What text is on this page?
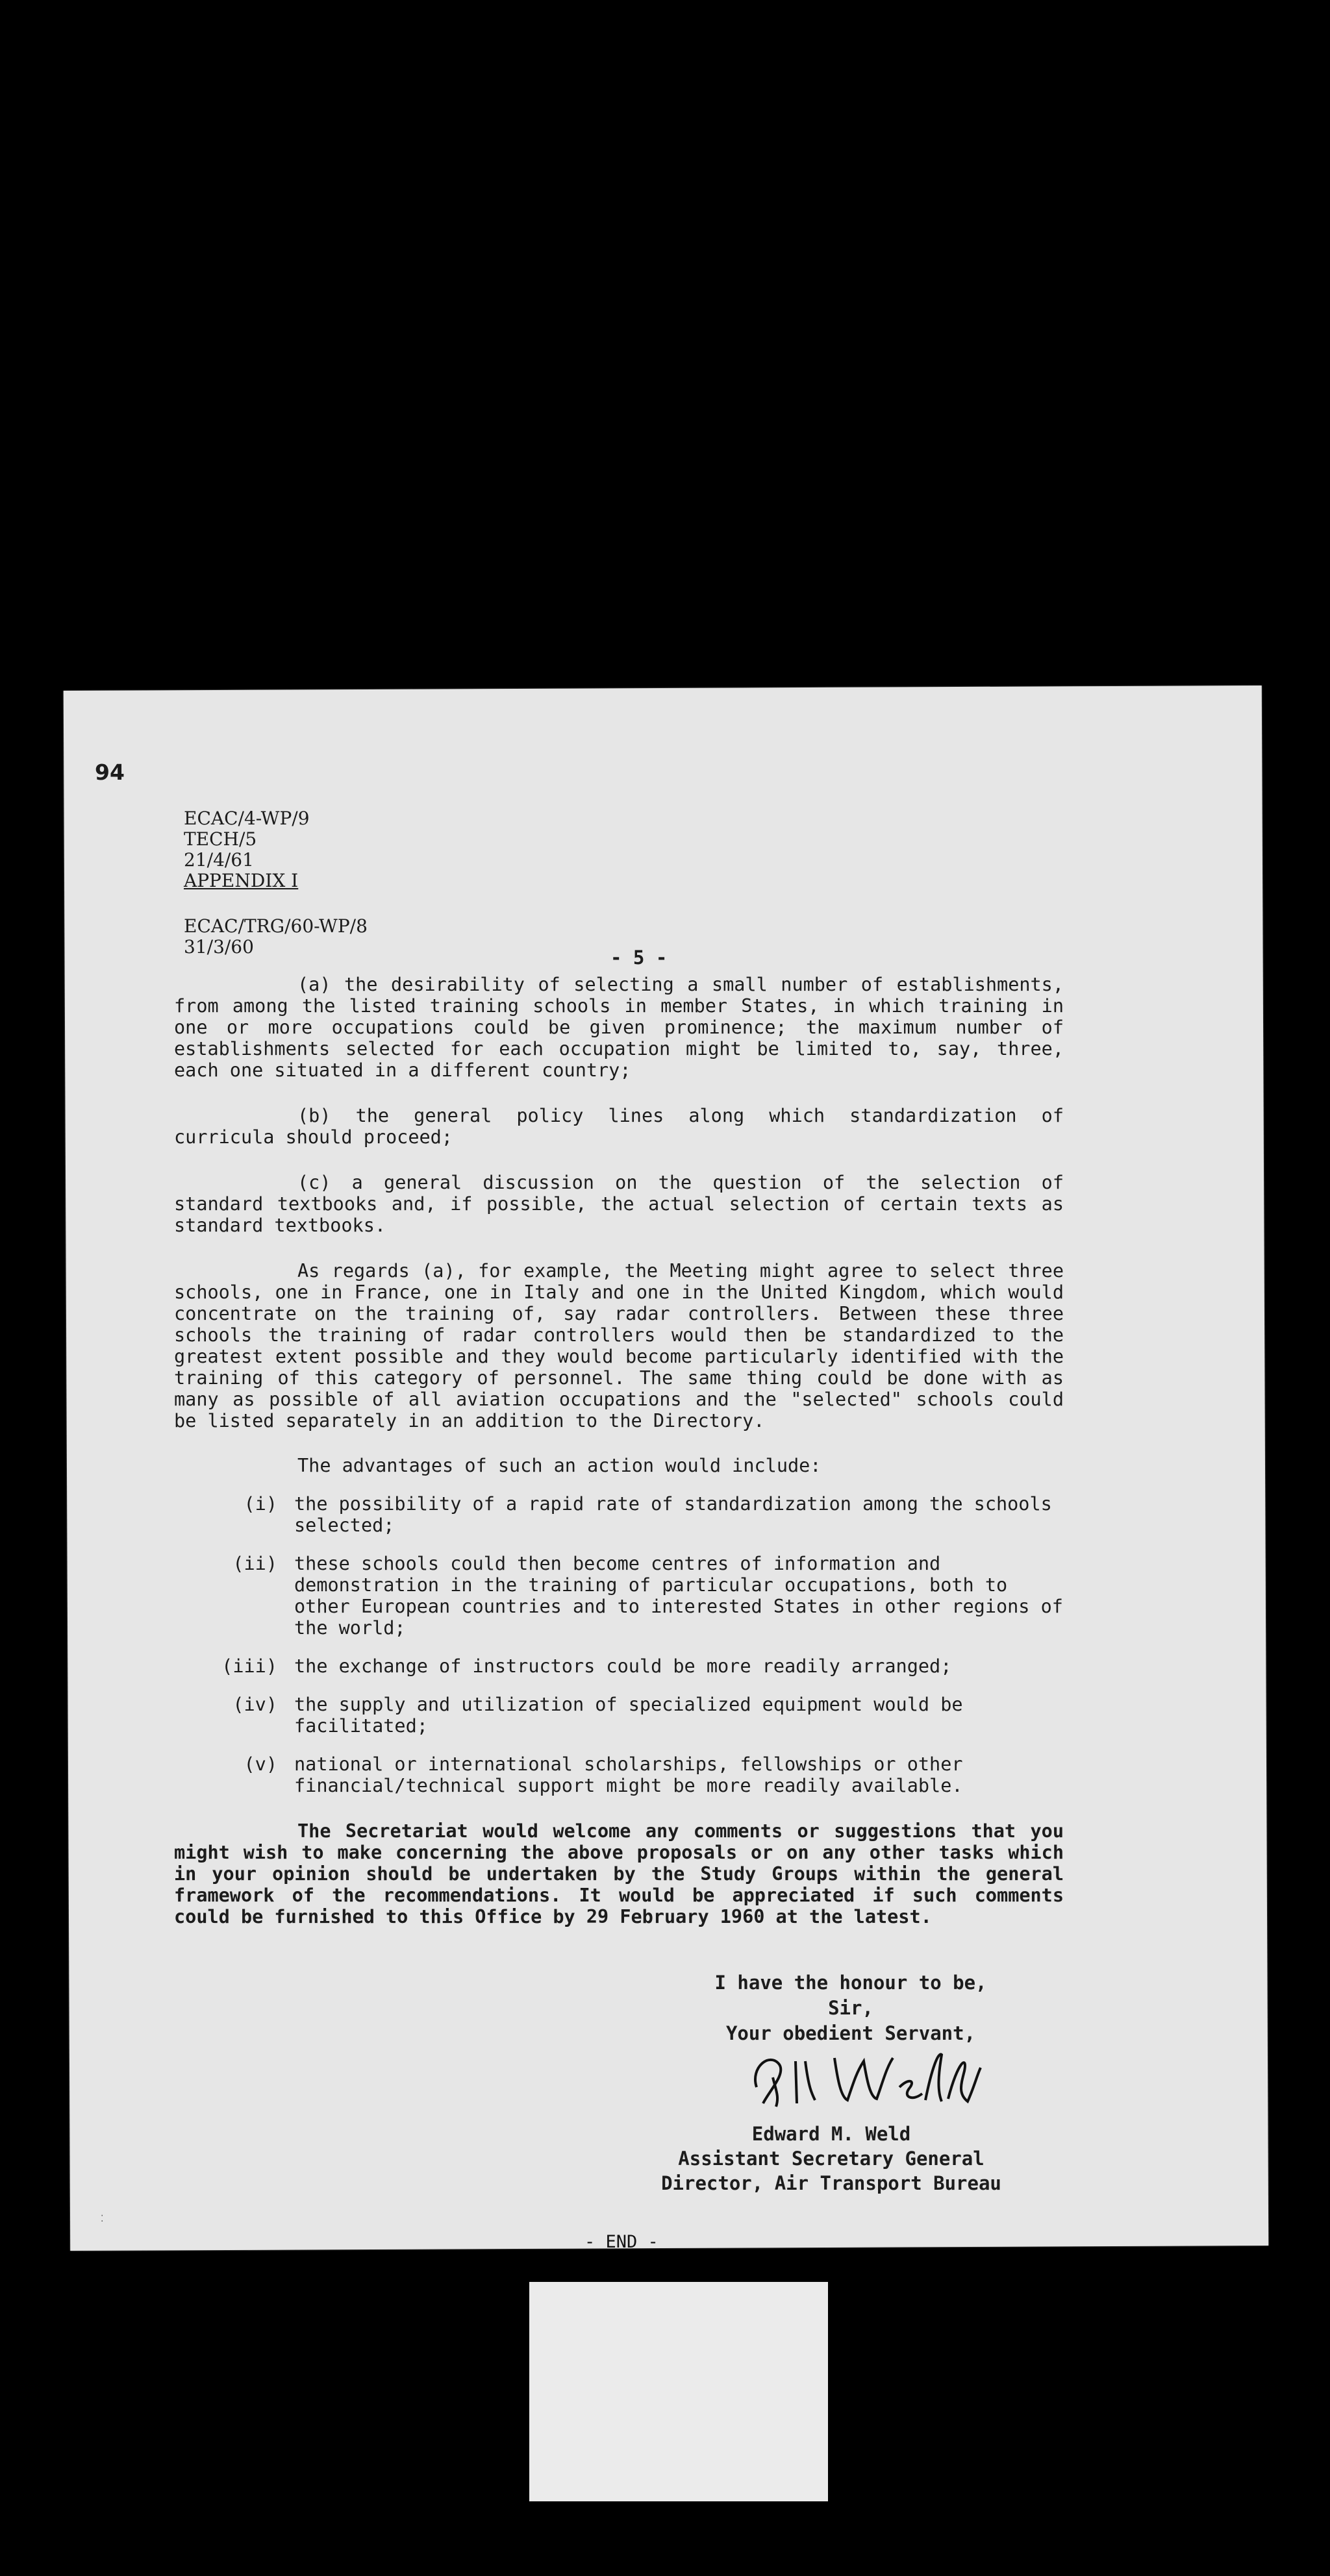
94
ECAC/4-WP/9
TECH/5
21/4/61
APPENDIX I
ECAC/TRG/60-WP/8
31/3/60	- 5 -

(a) the desirability of selecting a small number of establishments, from among the listed training schools in member States, in which training in one or more occupations could be given prominence; the maximum number of establishments selected for each occupation might be limited to, say, three, each one situated in a different country;

(b) the general policy lines along which standardization of curricula should proceed;

(c) a general discussion on the question of the selection of standard textbooks and, if possible, the actual selection of certain texts as standard textbooks.

As regards (a), for example, the Meeting might agree to select three schools, one in France, one in Italy and one in the United Kingdom, which would concentrate on the training of, say radar controllers. Between these three schools the training of radar controllers would then be standardized to the greatest extent possible and they would become particularly identified with the training of this category of personnel. The same thing could be done with as many as possible of all aviation occupations and the "selected" schools could be listed separately in an addition to the Directory.

The advantages of such an action would include:

(i) the possibility of a rapid rate of standardization among the schools selected;
(ii) these schools could then become centres of information and demonstration in the training of particular occupations, both to other European countries and to interested States in other regions of the world;
(iii) the exchange of instructors could be more readily arranged;
(iv) the supply and utilization of specialized equipment would be facilitated;
(v) national or international scholarships, fellowships or other financial/technical support might be more readily available.

The Secretariat would welcome any comments or suggestions that you might wish to make concerning the above proposals or on any other tasks which in your opinion should be undertaken by the Study Groups within the general framework of the recommendations. It would be appreciated if such comments could be furnished to this Office by 29 February 1960 at the latest.

I have the honour to be,
Sir,
Your obedient Servant,
Edward M. Weld
Assistant Secretary General
Director, Air Transport Bureau
⁚
- END -
